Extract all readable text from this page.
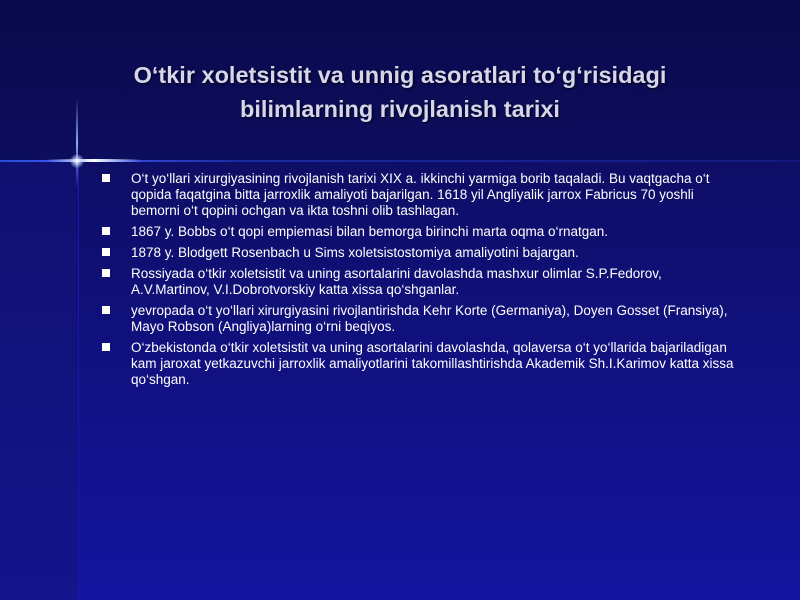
O‘tkir xoletsistit va unnig asoratlari to‘g‘risidagi
bilimlarning rivojlanish tarixi
O‘t yo‘llari xirurgiyasining rivojlanish tarixi XIX a. ikkinchi yarmiga borib taqaladi. Bu vaqtgacha o‘t qopida faqatgina bitta jarroxlik amaliyoti bajarilgan. 1618 yil Angliyalik jarrox Fabricus 70 yoshli bemorni o‘t qopini ochgan va ikta toshni olib tashlagan.
1867 y. Bobbs o‘t qopi empiemasi bilan bemorga birinchi marta oqma o‘rnatgan.
1878 y. Blodgett Rosenbach u Sims xoletsistostomiya amaliyotini bajargan.
Rossiyada o‘tkir xoletsistit va uning asortalarini davolashda mashxur olimlar S.P.Fedorov, A.V.Martinov, V.I.Dobrotvorskiy katta xissa qo‘shganlar.
yevropada o‘t yo‘llari xirurgiyasini rivojlantirishda Kehr Korte (Germaniya), Doyen Gosset (Fransiya), Mayo Robson (Angliya)larning o‘rni beqiyos.
O‘zbekistonda o‘tkir xoletsistit va uning asortalarini davolashda, qolaversa o‘t yo‘llarida bajariladigan kam jaroxat yetkazuvchi jarroxlik amaliyotlarini takomillashtirishda Akademik Sh.I.Karimov katta xissa qo‘shgan.
